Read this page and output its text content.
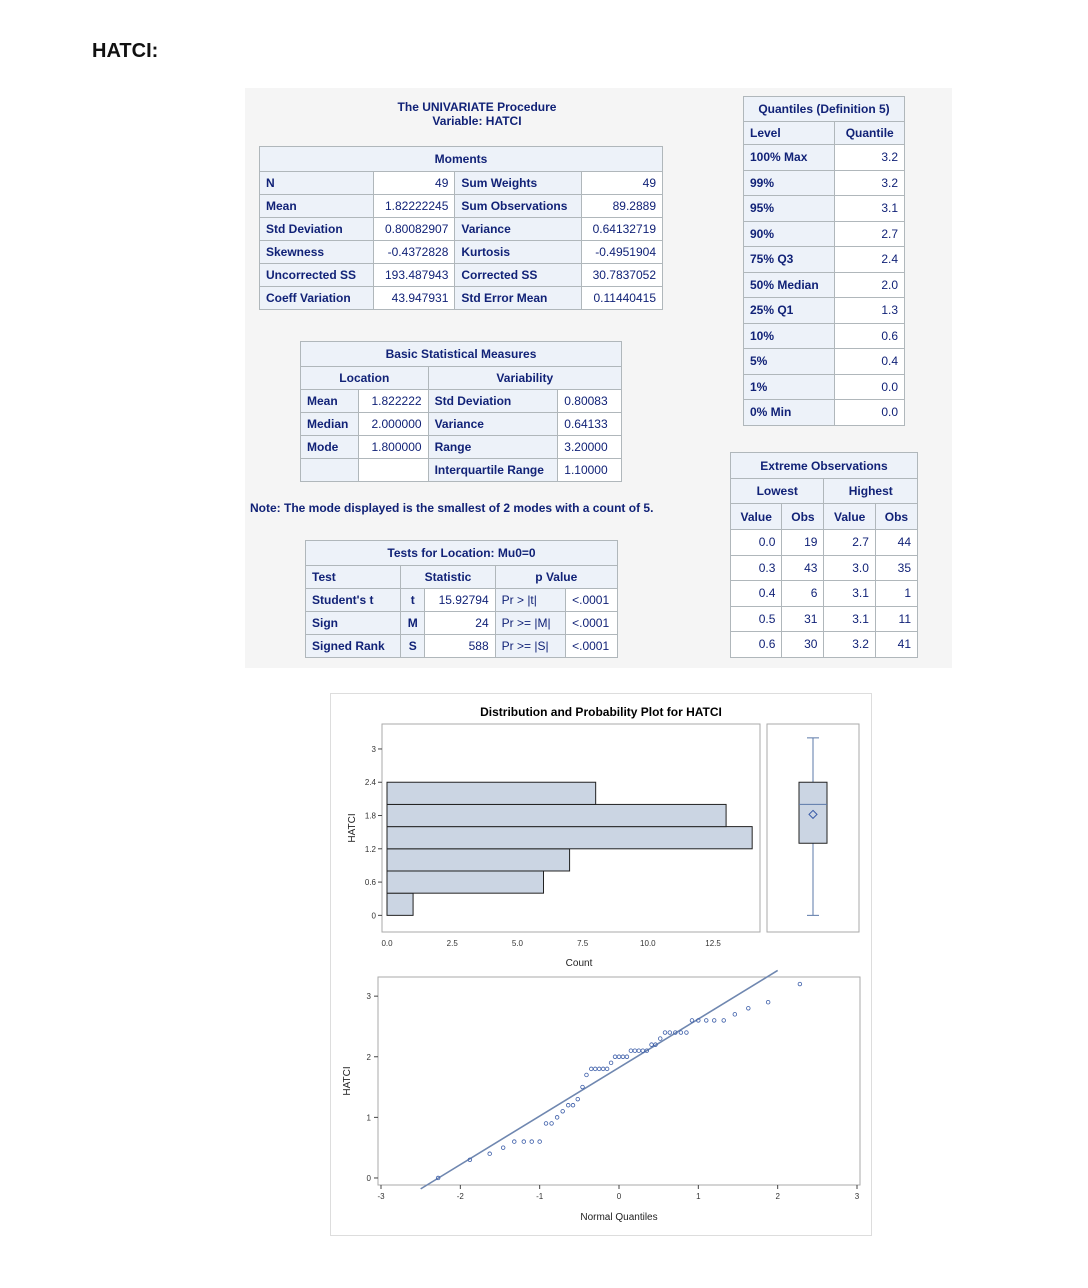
HATCI:
The UNIVARIATE Procedure
Variable: HATCI
Moments			
N	49	Sum Weights	49
Mean	1.82222245	Sum Observations	89.2889
Std Deviation	0.80082907	Variance	0.64132719
Skewness	-0.4372828	Kurtosis	-0.4951904
Uncorrected SS	193.487943	Corrected SS	30.7837052
Coeff Variation	43.947931	Std Error Mean	0.11440415
Basic Statistical Measures			
Location		Variability	
Mean	1.822222	Std Deviation	0.80083
Median	2.000000	Variance	0.64133
Mode	1.800000	Range	3.20000
		Interquartile Range	1.10000
Note: The mode displayed is the smallest of 2 modes with a count of 5.
Tests for Location: Mu0=0				
Test	Statistic		p Value	
Student's t	t	15.92794	Pr > |t|	<.0001
Sign	M	24	Pr >= |M|	<.0001
Signed Rank	S	588	Pr >= |S|	<.0001
Quantiles (Definition 5)	
Level	Quantile
100% Max	3.2
99%	3.2
95%	3.1
90%	2.7
75% Q3	2.4
50% Median	2.0
25% Q1	1.3
10%	0.6
5%	0.4
1%	0.0
0% Min	0.0
Extreme Observations			
Lowest		Highest	
Value	Obs	Value	Obs
0.0	19	2.7	44
0.3	43	3.0	35
0.4	6	3.1	1
0.5	31	3.1	11
0.6	30	3.2	41
Distribution and Probability Plot for HATCI
0
0.6
1.2
1.8
2.4
3
0.0	2.5	5.0	7.5	10.0	12.5
Count
HATCI
0
1
2
3
-3	-2	-1	0	1	2	3
Normal Quantiles
HATCI
